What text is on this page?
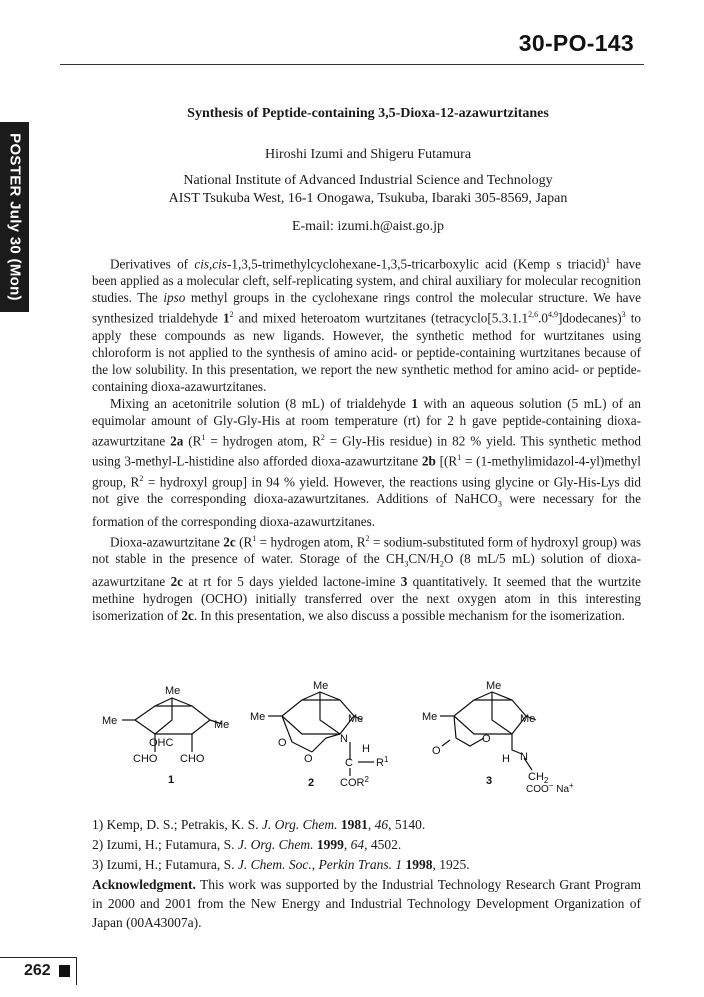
30-PO-143
POSTER July 30 (Mon)
Synthesis of Peptide-containing 3,5-Dioxa-12-azawurtzitanes
Hiroshi Izumi and Shigeru Futamura
National Institute of Advanced Industrial Science and Technology
AIST Tsukuba West, 16-1 Onogawa, Tsukuba, Ibaraki 305-8569, Japan
E-mail: izumi.h@aist.go.jp

Derivatives of cis,cis-1,3,5-trimethylcyclohexane-1,3,5-tricarboxylic acid (Kemp s triacid)$^1$ have been applied as a molecular cleft, self-replicating system, and chiral auxiliary for molecular recognition studies. The ipso methyl groups in the cyclohexane rings control the molecular structure. We have synthesized trialdehyde $1^2$ and mixed heteroatom wurtzitanes (tetracyclo[5.3.1.1$^{2,6}$.0$^{4,9}$]dodecanes)$^3$ to apply these compounds as new ligands. However, the synthetic method for wurtzitanes using chloroform is not applied to the synthesis of amino acid- or peptide-containing wurtzitanes because of the low solubility. In this presentation, we report the new synthetic method for amino acid- or peptide-containing dioxa-azawurtzitanes.

Mixing an acetonitrile solution (8 mL) of trialdehyde 1 with an aqueous solution (5 mL) of an equimolar amount of Gly-Gly-His at room temperature (rt) for 2 h gave peptide-containing dioxa-azawurtzitane 2a ($R^1$ = hydrogen atom, $R^2 = Gly-His$ residue) in 82 % yield. This synthetic method using 3-methyl-L-histidine also afforded dioxa-azawurtzitane 2b [($R^1$ = (1-methylimidazol-4-yl)methyl group, $R^2$ = hydroxyl group] in 94 % yield. However, the reactions using glycine or Gly-His-Lys did not give the corresponding dioxa-azawurtzitanes. Additions of NaHCO$_3$ were necessary for the formation of the corresponding dioxa-azawurtzitanes.

Dioxa-azawurtzitane 2c ($R^1$ = hydrogen atom, $R^2$ = sodium-substituted form of hydroxyl group) was not stable in the presence of water. Storage of the $CH_3CN/H_2O$ (8 mL/5 mL) solution of dioxa-azawurtzitane 2c at rt for 5 days yielded lactone-imine 3 quantitatively. It seemed that the wurtzite methine hydrogen (OCHO) initially transferred over the next oxygen atom in this interesting isomerization of 2c. In this presentation, we also discuss a possible mechanism for the isomerization.

Me
Me	Me
OHC
CHO CHO
1
Me
Me	Me
O
O
N
H
C $R^1$
COR$^2$
2
Me
Me	Me
O
O
H N
$CH_2$
COO− Na+
3
1) Kemp, D. S.; Petrakis, K. S. J. Org. Chem. 1981, 46, 5140.
2) Izumi, H.; Futamura, S. J. Org. Chem. 1999, 64, 4502.
3) Izumi, H.; Futamura, S. J. Chem. Soc., Perkin Trans. 1 1998, 1925.
Acknowledgment. This work was supported by the Industrial Technology Research Grant Program in 2000 and 2001 from the New Energy and Industrial Technology Development Organization of Japan (00A43007a).
262
